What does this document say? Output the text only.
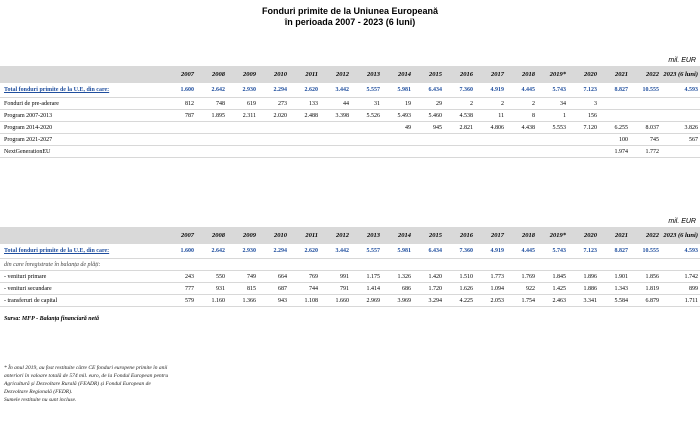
Fonduri primite de la Uniunea Europeană
în perioada 2007 - 2023 (6 luni)
mil. EUR
	2007	2008	2009	2010	2011	2012	2013	2014	2015	2016	2017	2018	2019*	2020	2021	2022	2023 (6 luni)
Total fonduri primite de la U.E, din care:	1.600	2.642	2.930	2.294	2.620	3.442	5.557	5.981	6.434	7.360	4.919	4.445	5.743	7.123	8.827	10.555	4.593
Fonduri de pre-aderare	812	748	619	273	133	44	31	19	29	2	2	2	34	3			
Program 2007-2013	787	1.895	2.311	2.020	2.488	3.398	5.526	5.493	5.460	4.538	11	8	1	156			
Program 2014-2020								49	945	2.821	4.806	4.438	5.553	7.120	6.255	8.037	3.826
Program 2021-2027															100	745	567
NextGenerationEU															1.974	1.772	
mil. EUR
	2007	2008	2009	2010	2011	2012	2013	2014	2015	2016	2017	2018	2019*	2020	2021	2022	2023 (6 luni)
Total fonduri primite de la U.E, din care:	1.600	2.642	2.930	2.294	2.620	3.442	5.557	5.981	6.434	7.360	4.919	4.445	5.743	7.123	8.827	10.555	4.593
din care înregistrate în balanța de plăți:																	
- venituri primare	243	550	749	664	769	991	1.175	1.326	1.420	1.510	1.773	1.769	1.845	1.896	1.901	1.856	1.742
- venituri secundare	777	931	815	687	744	791	1.414	686	1.720	1.626	1.094	922	1.425	1.886	1.343	1.819	899
- transferuri de capital	579	1.160	1.366	943	1.108	1.660	2.969	3.969	3.294	4.225	2.053	1.754	2.463	3.341	5.584	6.879	1.711
Sursa: MFP - Balanța financiară netă
* În anul 2019, au fost restituite către CE fonduri europene primite în anii
anteriori în valoare totală de 574 mil. euro, de la Fondul European pentru
Agricultură și Dezvoltare Rurală (FEADR) și Fondul European de
Dezvoltare Regională (FEDR).
Sumele restituite nu sunt incluse.
